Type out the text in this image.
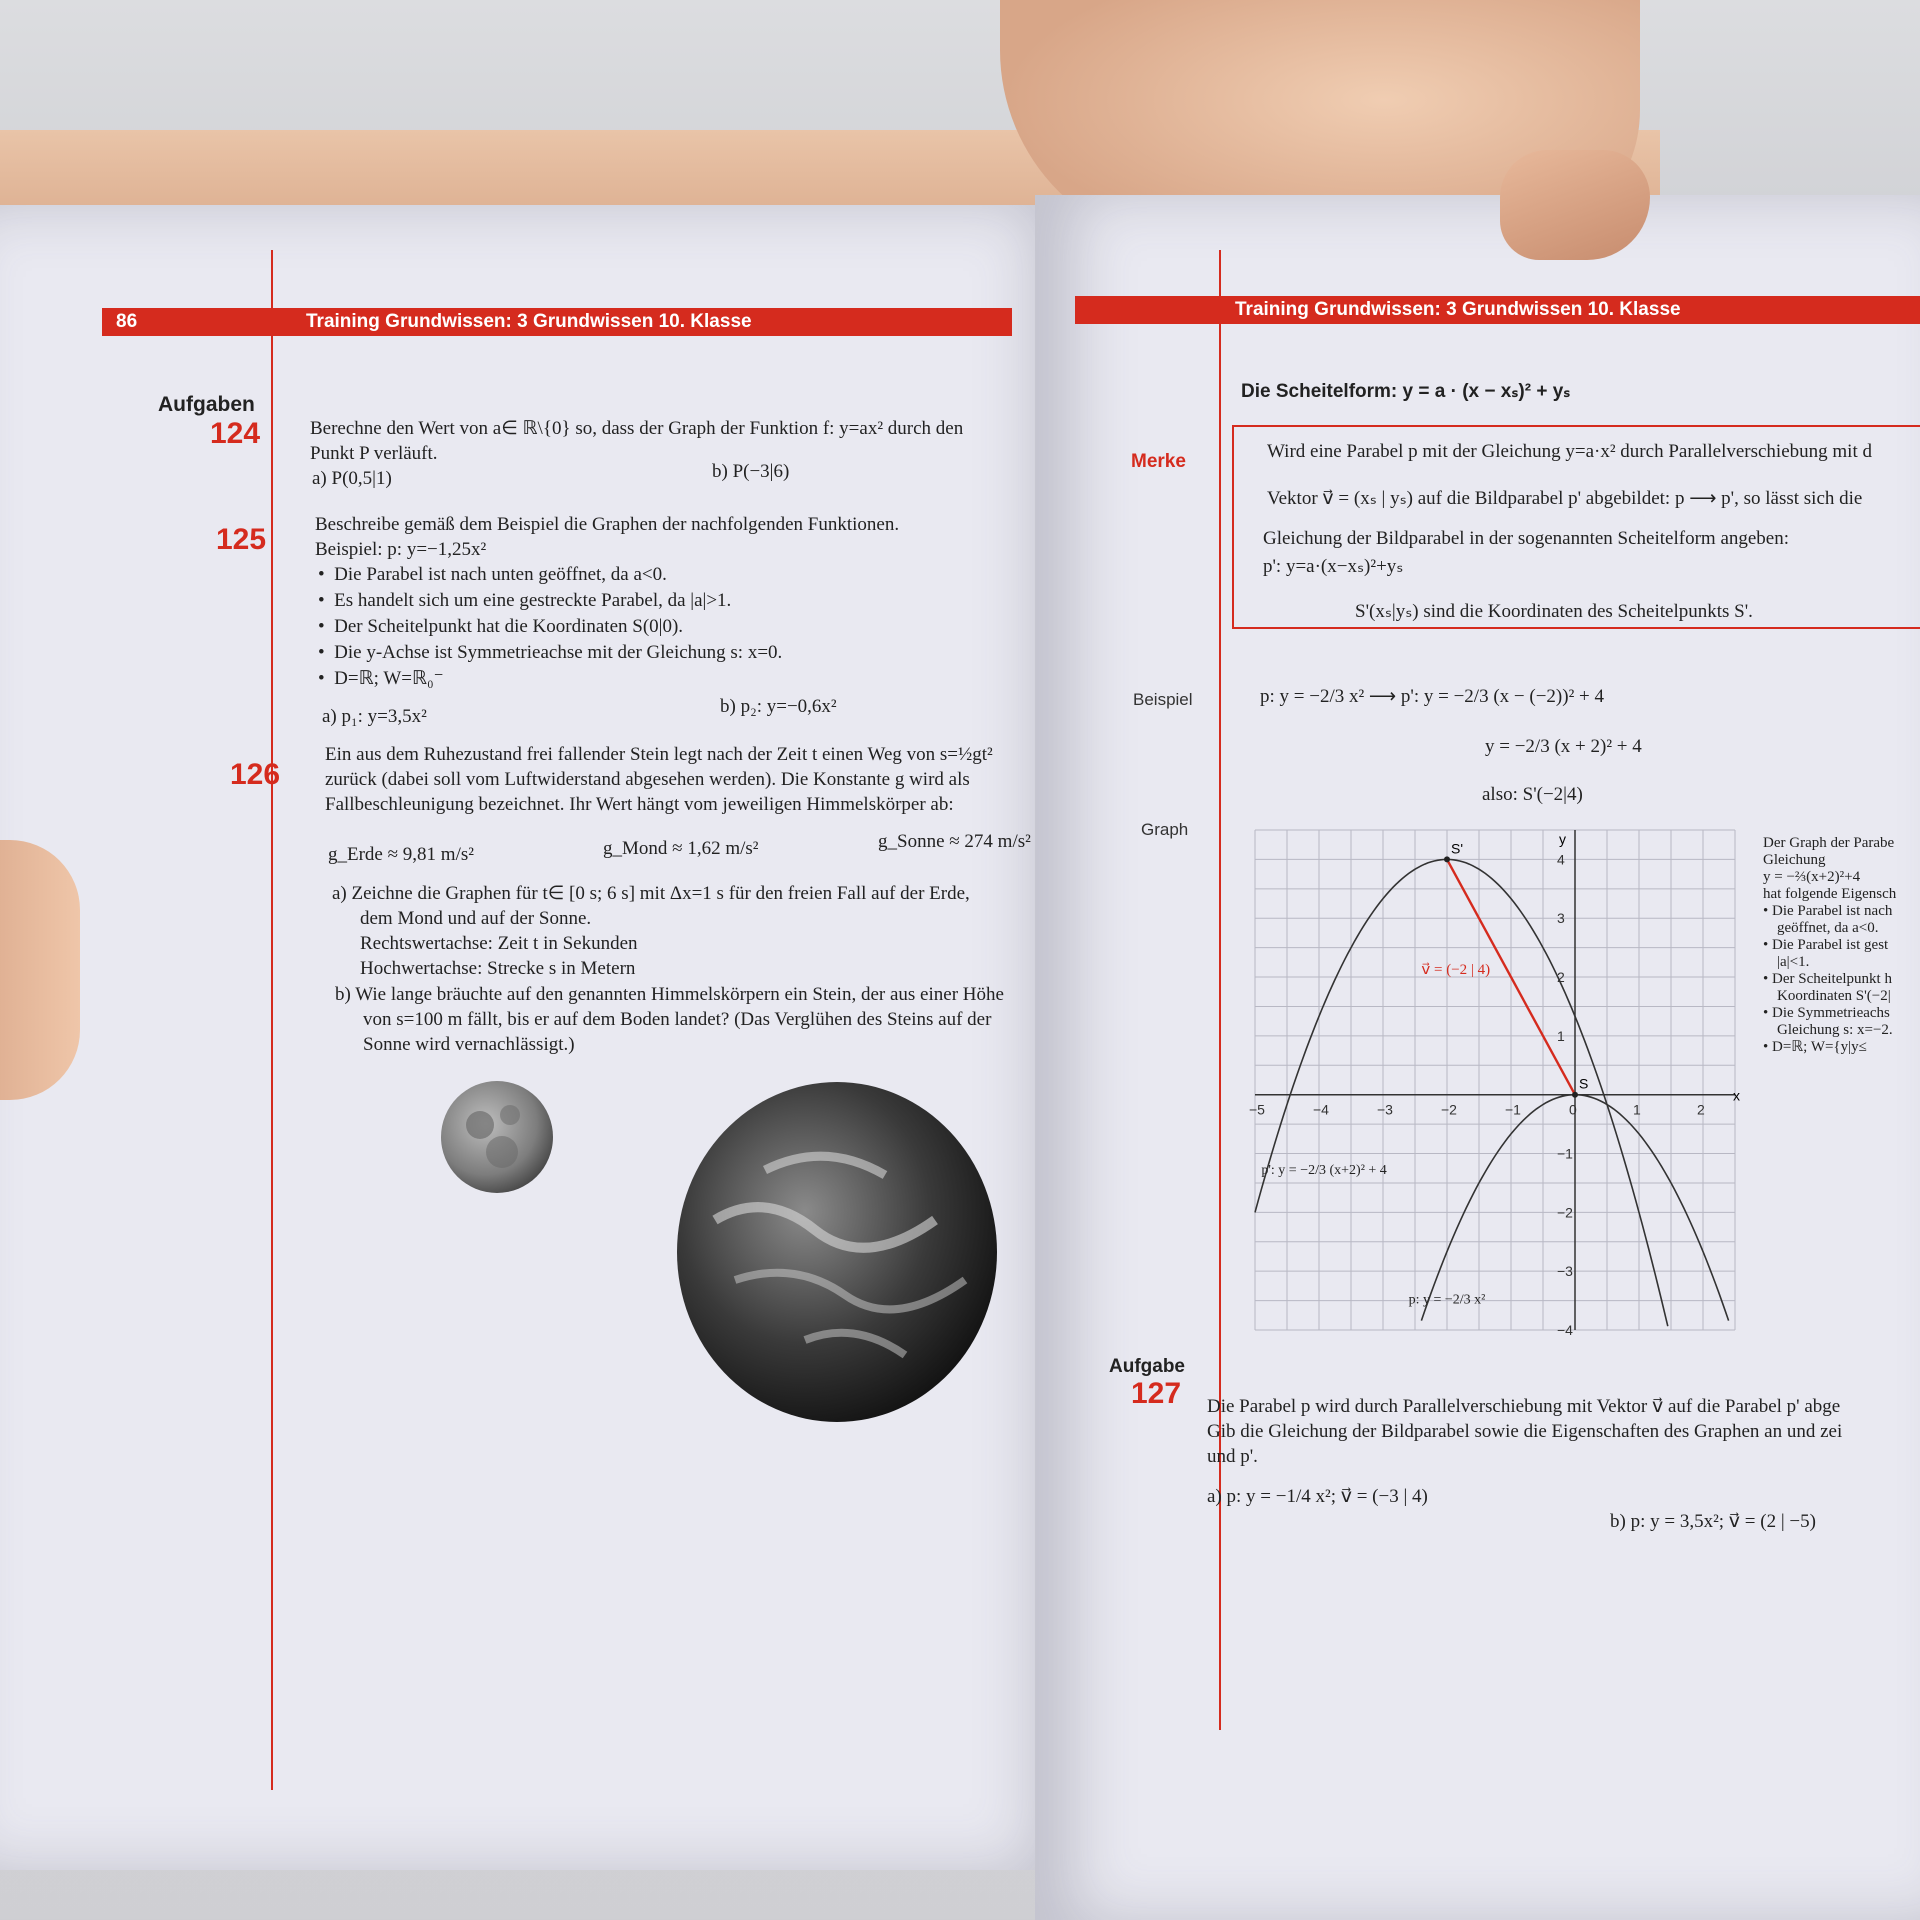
86	Training Grundwissen: 3 Grundwissen 10. Klasse
Aufgaben
124	Berechne den Wert von a∈ ℝ\{0} so, dass der Graph der Funktion f: y=ax² durch den
Punkt P verläuft.
a) P(0,5|1)	b) P(−3|6)
125	Beschreibe gemäß dem Beispiel die Graphen der nachfolgenden Funktionen.
Beispiel: p: y=−1,25x²
•  Die Parabel ist nach unten geöffnet, da a<0.
•  Es handelt sich um eine gestreckte Parabel, da |a|>1.
•  Der Scheitelpunkt hat die Koordinaten S(0|0).
•  Die y-Achse ist Symmetrieachse mit der Gleichung s: x=0.
•  D=ℝ; W=ℝ₀⁻
a) p₁: y=3,5x²	b) p₂: y=−0,6x²
126
Ein aus dem Ruhezustand frei fallender Stein legt nach der Zeit t einen Weg von s=½gt²
zurück (dabei soll vom Luftwiderstand abgesehen werden). Die Konstante g wird als
Fallbeschleunigung bezeichnet. Ihr Wert hängt vom jeweiligen Himmelskörper ab:
g_Erde ≈ 9,81 m/s²	g_Mond ≈ 1,62 m/s²	g_Sonne ≈ 274 m/s²
a) Zeichne die Graphen für t∈ [0 s; 6 s] mit Δx=1 s für den freien Fall auf der Erde,
dem Mond und auf der Sonne.
Rechtswertachse: Zeit t in Sekunden
Hochwertachse: Strecke s in Metern
b) Wie lange bräuchte auf den genannten Himmelskörpern ein Stein, der aus einer Höhe
von s=100 m fällt, bis er auf dem Boden landet? (Das Verglühen des Steins auf der
Sonne wird vernachlässigt.)
Training Grundwissen: 3 Grundwissen 10. Klasse
Die Scheitelform: y = a · (x − xₛ)² + yₛ
Merke	Wird eine Parabel p mit der Gleichung y=a·x² durch Parallelverschiebung mit d
Vektor v⃗ = (xₛ | yₛ) auf die Bildparabel p' abgebildet: p ⟶ p', so lässt sich die
Gleichung der Bildparabel in der sogenannten Scheitelform angeben:
p': y=a·(x−xₛ)²+yₛ
S'(xₛ|yₛ) sind die Koordinaten des Scheitelpunkts S'.
Beispiel	p: y = −2/3 x² ⟶ p': y = −2/3 (x − (−2))² + 4
y = −2/3 (x + 2)² + 4
also: S'(−2|4)
Graph
−5	−4	−3	−2	−1	0	1	2
−4
−3
−2
−1
1
2
3
4
x
y
p': y = −2/3 (x+2)² + 4
p: y = −2/3 x²
v⃗ = (−2 | 4)
S'
S
Der Graph der Parabe
Gleichung
y = −⅔(x+2)²+4
hat folgende Eigensch
• Die Parabel ist nach
geöffnet, da a<0.
• Die Parabel ist gest
|a|<1.
• Der Scheitelpunkt h
Koordinaten S'(−2|
• Die Symmetrieachs
Gleichung s: x=−2.
• D=ℝ; W={y|y≤
Aufgabe
127 Die Parabel p wird durch Parallelverschiebung mit Vektor v⃗ auf die Parabel p' abge
Gib die Gleichung der Bildparabel sowie die Eigenschaften des Graphen an und zei
und p'.
a) p: y = −1/4 x²; v⃗ = (−3 | 4)
b) p: y = 3,5x²; v⃗ = (2 | −5)
